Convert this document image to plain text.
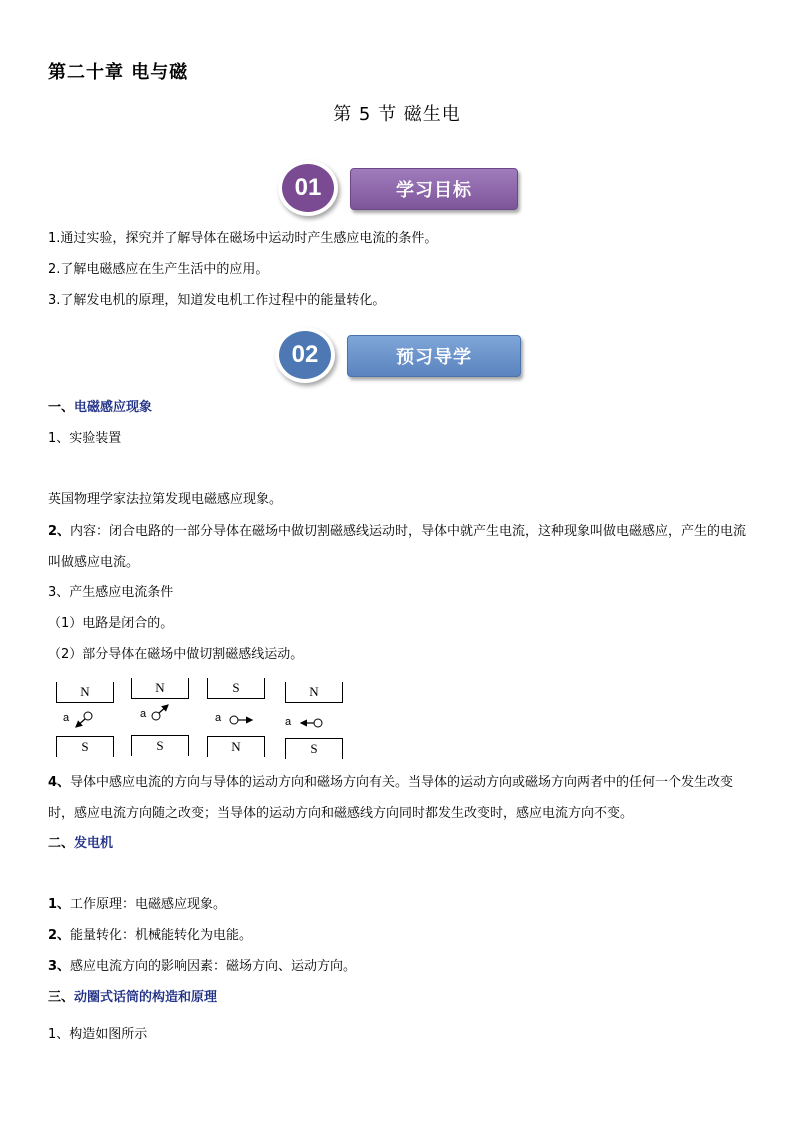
第二十章 电与磁
第 5 节 磁生电
01	学习目标
1.通过实验，探究并了解导体在磁场中运动时产生感应电流的条件。
2.了解电磁感应在生产生活中的应用。
3.了解发电机的原理，知道发电机工作过程中的能量转化。
02	预习导学
一、电磁感应现象
1、实验装置
英国物理学家法拉第发现电磁感应现象。
2、内容：闭合电路的一部分导体在磁场中做切割磁感线运动时，导体中就产生电流，这种现象叫做电磁感应，产生的电流叫做感应电流。
3、产生感应电流条件
（1）电路是闭合的。
（2）部分导体在磁场中做切割磁感线运动。
N	N	S	N
a	a	a	a
S	S	N	S
4、导体中感应电流的方向与导体的运动方向和磁场方向有关。当导体的运动方向或磁场方向两者中的任何一个发生改变时，感应电流方向随之改变；当导体的运动方向和磁感线方向同时都发生改变时，感应电流方向不变。
二、发电机
1、工作原理：电磁感应现象。
2、能量转化：机械能转化为电能。
3、感应电流方向的影响因素：磁场方向、运动方向。
三、动圈式话筒的构造和原理
1、构造如图所示
